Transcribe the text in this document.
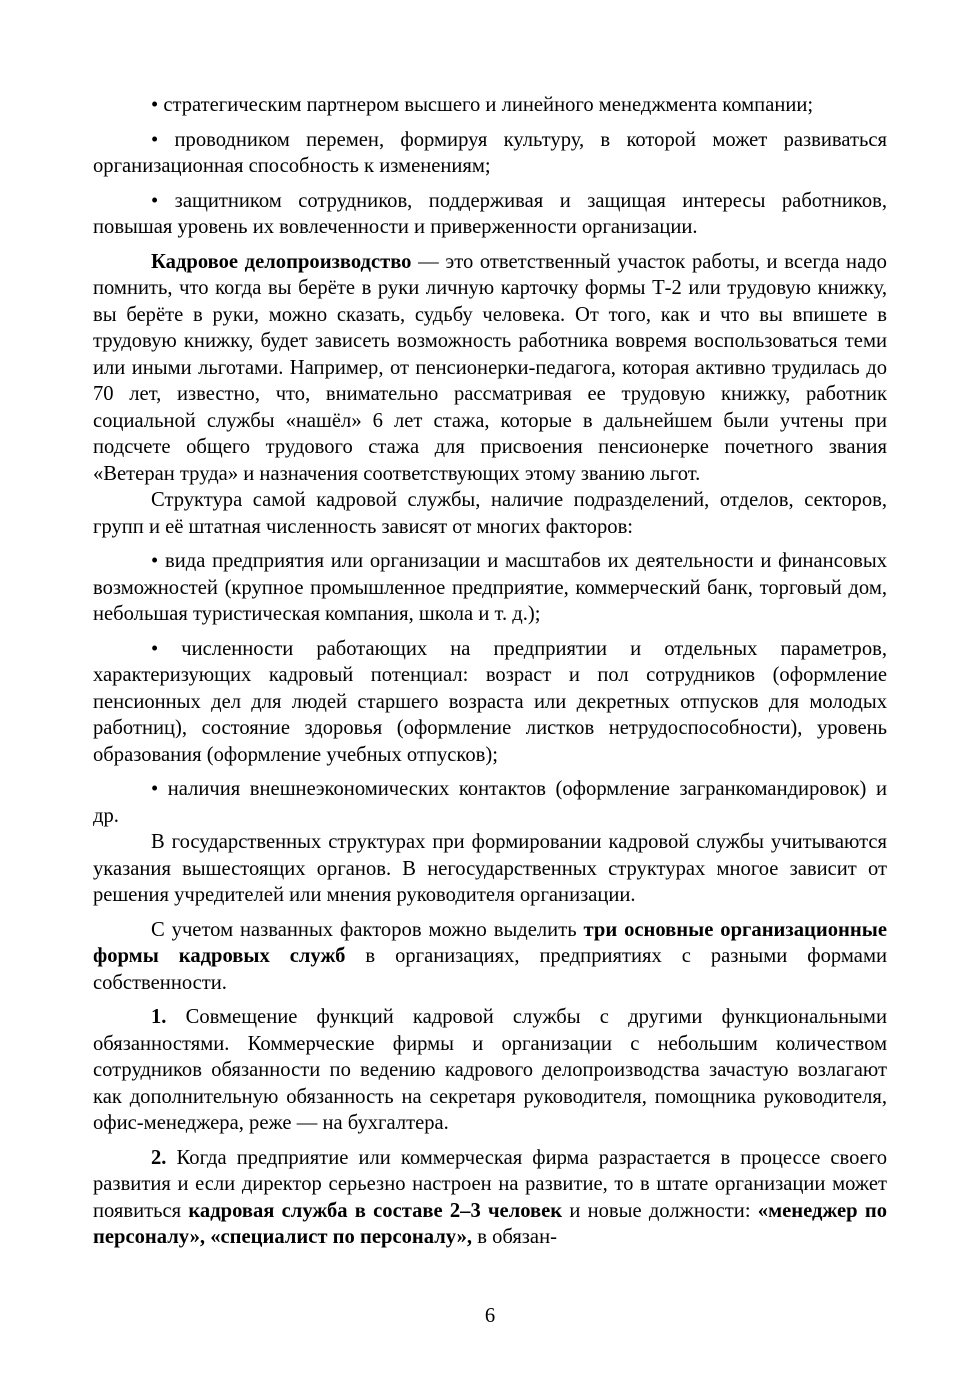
• стратегическим партнером высшего и линейного менеджмента компании;

• проводником перемен, формируя культуру, в которой может развиваться организационная способность к изменениям;

• защитником сотрудников, поддерживая и защищая интересы работников, повышая уровень их вовлеченности и приверженности организации.

Кадровое делопроизводство — это ответственный участок работы, и всегда надо помнить, что когда вы берёте в руки личную карточку формы Т-2 или трудовую книжку, вы берёте в руки, можно сказать, судьбу человека. От того, как и что вы впишете в трудовую книжку, будет зависеть возможность работника вовремя воспользоваться теми или иными льготами. Например, от пенсионерки-педагога, которая активно трудилась до 70 лет, известно, что, внимательно рассматривая ее трудовую книжку, работник социальной службы «нашёл» 6 лет стажа, которые в дальнейшем были учтены при подсчете общего трудового стажа для присвоения пенсионерке почетного звания «Ветеран труда» и назначения соответствующих этому званию льгот.

Структура самой кадровой службы, наличие подразделений, отделов, секторов, групп и её штатная численность зависят от многих факторов:

• вида предприятия или организации и масштабов их деятельности и финансовых возможностей (крупное промышленное предприятие, коммерческий банк, торговый дом, небольшая туристическая компания, школа и т. д.);

• численности работающих на предприятии и отдельных параметров, характеризующих кадровый потенциал: возраст и пол сотрудников (оформление пенсионных дел для людей старшего возраста или декретных отпусков для молодых работниц), состояние здоровья (оформление листков нетрудоспособности), уровень образования (оформление учебных отпусков);

• наличия внешнеэкономических контактов (оформление загранкомандировок) и др.

В государственных структурах при формировании кадровой службы учитываются указания вышестоящих органов. В негосударственных структурах многое зависит от решения учредителей или мнения руководителя организации.

С учетом названных факторов можно выделить три основные организационные формы кадровых служб в организациях, предприятиях с разными формами собственности.

1. Совмещение функций кадровой службы с другими функциональными обязанностями. Коммерческие фирмы и организации с небольшим количеством сотрудников обязанности по ведению кадрового делопроизводства зачастую возлагают как дополнительную обязанность на секретаря руководителя, помощника руководителя, офис-менеджера, реже — на бухгалтера.

2. Когда предприятие или коммерческая фирма разрастается в процессе своего развития и если директор серьезно настроен на развитие, то в штате организации может появиться кадровая служба в составе 2–3 человек и новые должности: «менеджер по персоналу», «специалист по персоналу», в обязан-

6
